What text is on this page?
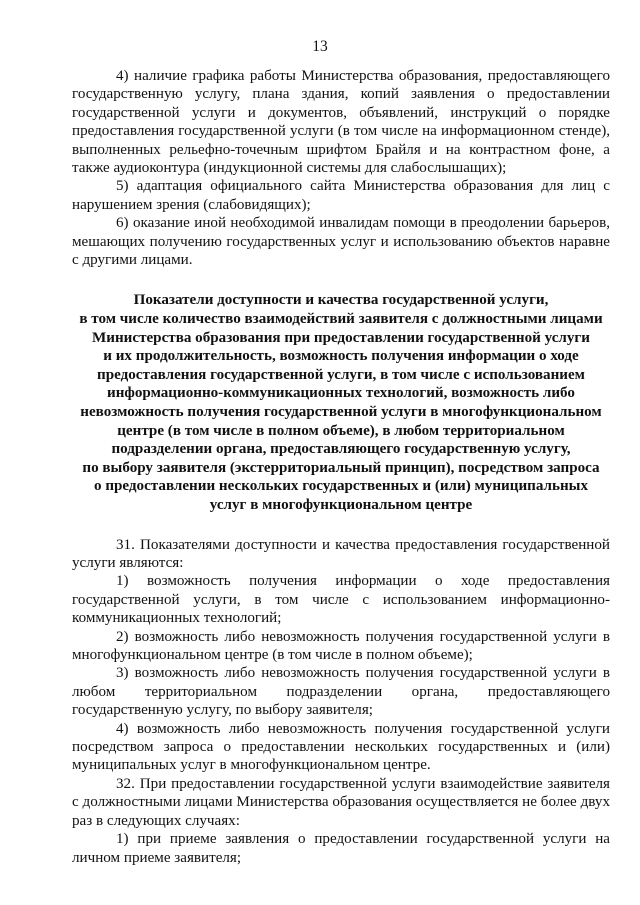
13

4) наличие графика работы Министерства образования, предоставляющего государственную услугу, плана здания, копий заявления о предоставлении государственной услуги и документов, объявлений, инструкций о порядке предоставления государственной услуги (в том числе на информационном стенде), выполненных рельефно-точечным шрифтом Брайля и на контрастном фоне, а также аудиоконтура (индукционной системы для слабослышащих);

5) адаптация официального сайта Министерства образования для лиц с нарушением зрения (слабовидящих);

6) оказание иной необходимой инвалидам помощи в преодолении барьеров, мешающих получению государственных услуг и использованию объектов наравне с другими лицами.

Показатели доступности и качества государственной услуги,
в том числе количество взаимодействий заявителя с должностными лицами
Министерства образования при предоставлении государственной услуги
и их продолжительность, возможность получения информации о ходе
предоставления государственной услуги, в том числе с использованием
информационно-коммуникационных технологий, возможность либо
невозможность получения государственной услуги в многофункциональном
центре (в том числе в полном объеме), в любом территориальном
подразделении органа, предоставляющего государственную услугу,
по выбору заявителя (экстерриториальный принцип), посредством запроса
о предоставлении нескольких государственных и (или) муниципальных
услуг в многофункциональном центре

31. Показателями доступности и качества предоставления государственной услуги являются:

1) возможность получения информации о ходе предоставления государственной услуги, в том числе с использованием информационно-коммуникационных технологий;

2) возможность либо невозможность получения государственной услуги в многофункциональном центре (в том числе в полном объеме);

3) возможность либо невозможность получения государственной услуги в любом территориальном подразделении органа, предоставляющего государственную услугу, по выбору заявителя;

4) возможность либо невозможность получения государственной услуги посредством запроса о предоставлении нескольких государственных и (или) муниципальных услуг в многофункциональном центре.

32. При предоставлении государственной услуги взаимодействие заявителя с должностными лицами Министерства образования осуществляется не более двух раз в следующих случаях:

1) при приеме заявления о предоставлении государственной услуги на личном приеме заявителя;
